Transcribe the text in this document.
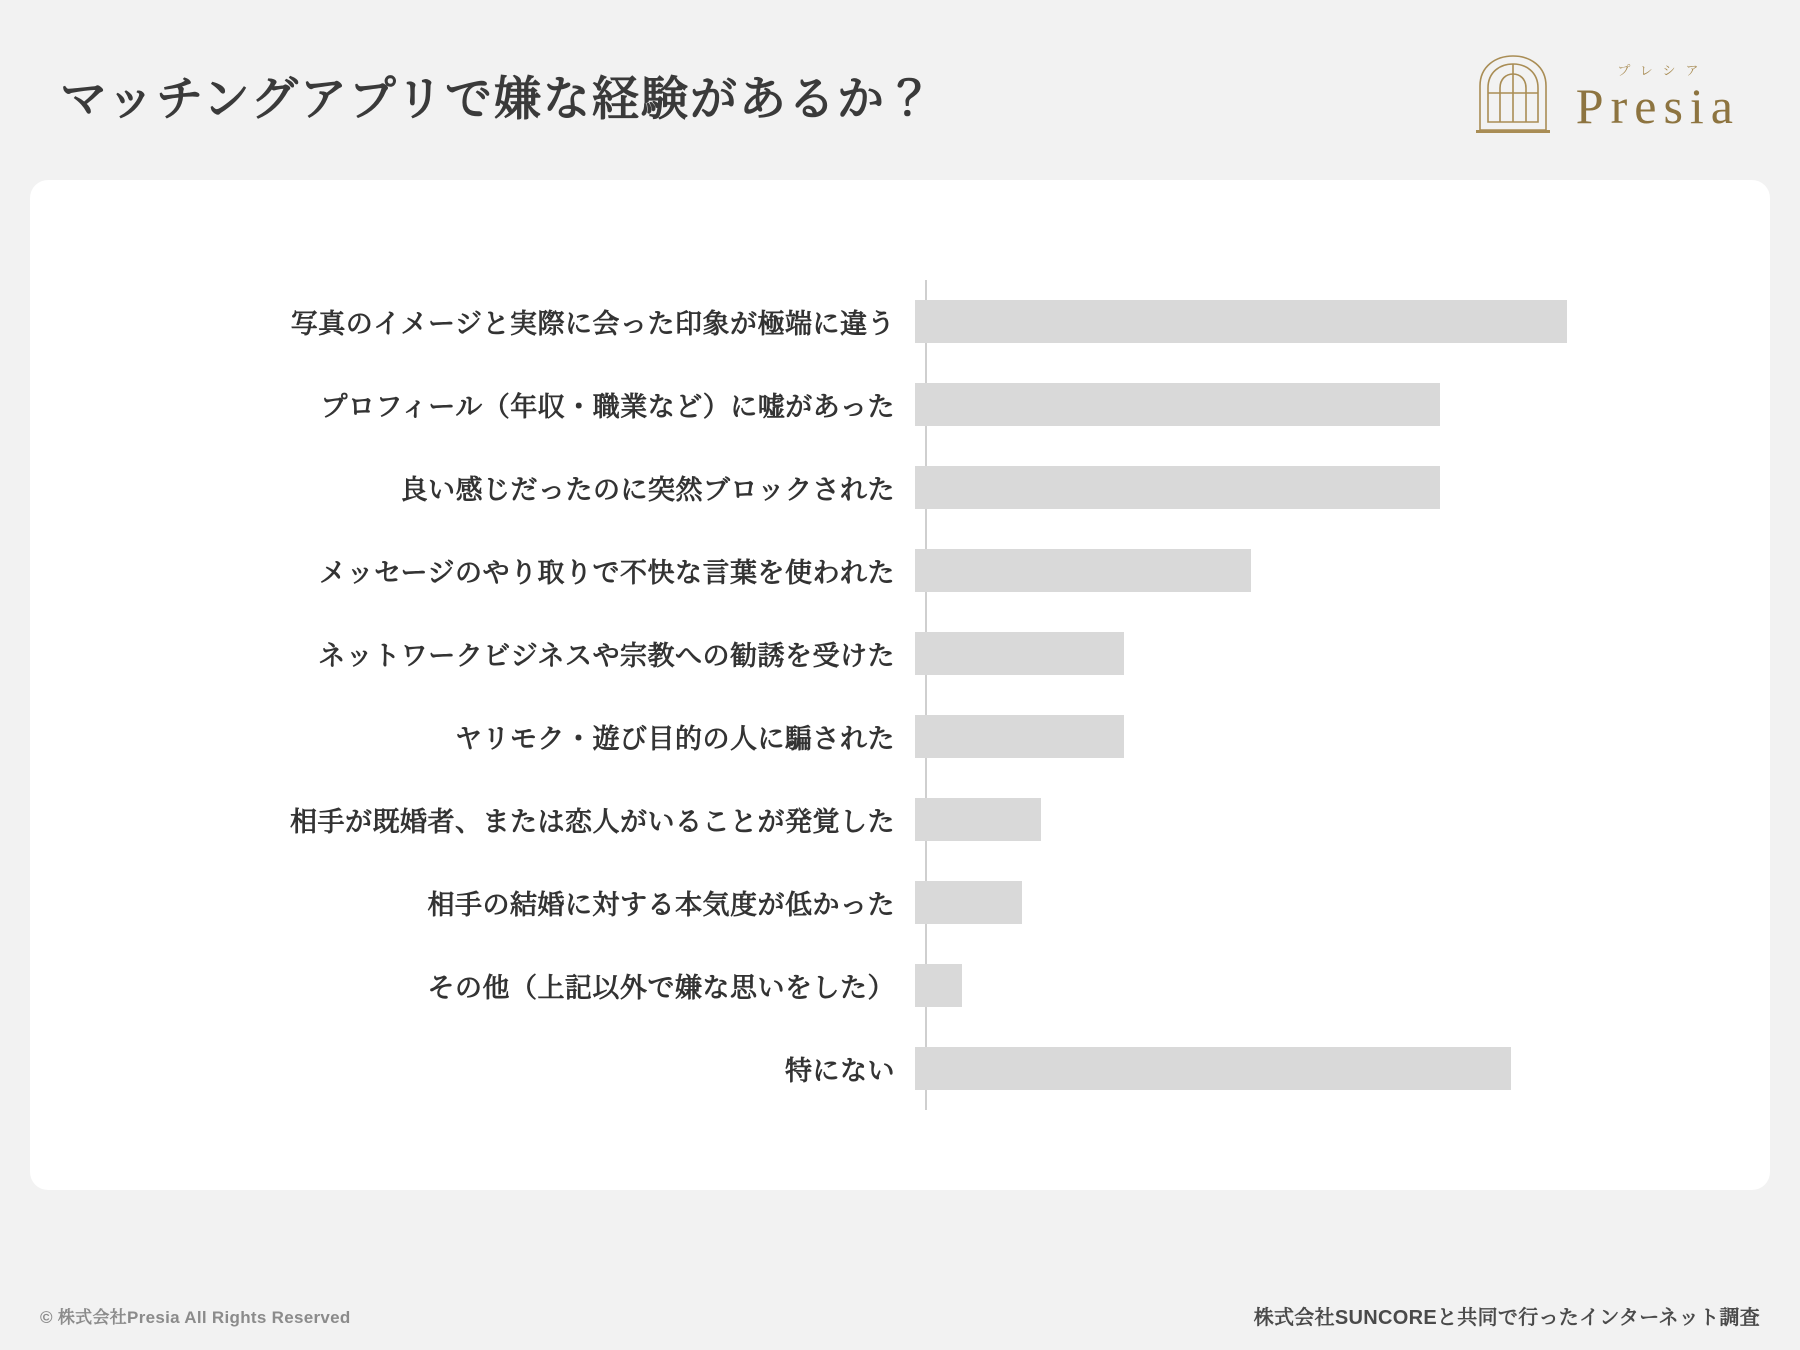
マッチングアプリで嫌な経験があるか？
プレシア
Presia
写真のイメージと実際に会った印象が極端に違う
プロフィール（年収・職業など）に嘘があった
良い感じだったのに突然ブロックされた
メッセージのやり取りで不快な言葉を使われた
ネットワークビジネスや宗教への勧誘を受けた
ヤリモク・遊び目的の人に騙された
相手が既婚者、または恋人がいることが発覚した
相手の結婚に対する本気度が低かった
その他（上記以外で嫌な思いをした）
特にない
© 株式会社Presia All Rights Reserved	株式会社SUNCOREと共同で行ったインターネット調査
